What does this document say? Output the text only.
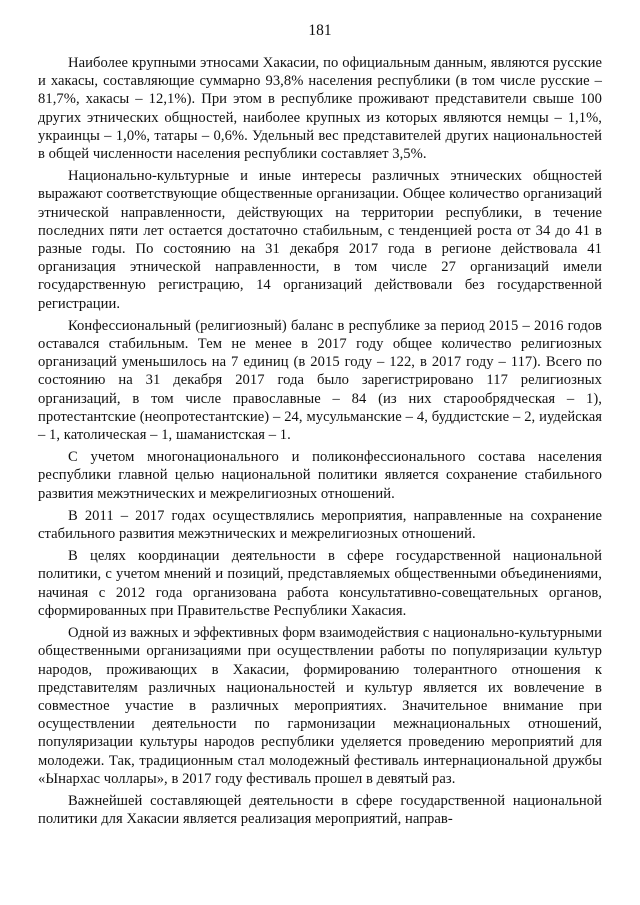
181

Наиболее крупными этносами Хакасии, по официальным данным, являются русские и хакасы, составляющие суммарно 93,8% населения республики (в том числе русские – 81,7%, хакасы – 12,1%). При этом в республике проживают представители свыше 100 других этнических общностей, наиболее крупных из которых являются немцы – 1,1%, украинцы – 1,0%, татары – 0,6%. Удельный вес представителей других национальностей в общей численности населения республики составляет 3,5%.

Национально-культурные и иные интересы различных этнических общностей выражают соответствующие общественные организации. Общее количество организаций этнической направленности, действующих на территории республики, в течение последних пяти лет остается достаточно стабильным, с тенденцией роста от 34 до 41 в разные годы. По состоянию на 31 декабря 2017 года в регионе действовала 41 организация этнической направленности, в том числе 27 организаций имели государственную регистрацию, 14 организаций действовали без государственной регистрации.

Конфессиональный (религиозный) баланс в республике за период 2015 – 2016 годов оставался стабильным. Тем не менее в 2017 году общее количество религиозных организаций уменьшилось на 7 единиц (в 2015 году – 122, в 2017 году – 117). Всего по состоянию на 31 декабря 2017 года было зарегистрировано 117 религиозных организаций, в том числе православные – 84 (из них старообрядческая – 1), протестантские (неопротестантские) – 24, мусульманские – 4, буддистские – 2, иудейская – 1, католическая – 1, шаманистская – 1.

С учетом многонационального и поликонфессионального состава населения республики главной целью национальной политики является сохранение стабильного развития межэтнических и межрелигиозных отношений.

В 2011 – 2017 годах осуществлялись мероприятия, направленные на сохранение стабильного развития межэтнических и межрелигиозных отношений.

В целях координации деятельности в сфере государственной национальной политики, с учетом мнений и позиций, представляемых общественными объединениями, начиная с 2012 года организована работа консультативно-совещательных органов, сформированных при Правительстве Республики Хакасия.

Одной из важных и эффективных форм взаимодействия с национально-культурными общественными организациями при осуществлении работы по популяризации культур народов, проживающих в Хакасии, формированию толерантного отношения к представителям различных национальностей и культур является их вовлечение в совместное участие в различных мероприятиях. Значительное внимание при осуществлении деятельности по гармонизации межнациональных отношений, популяризации культуры народов республики уделяется проведению мероприятий для молодежи. Так, традиционным стал молодежный фестиваль интернациональной дружбы «Ынархас чоллары», в 2017 году фестиваль прошел в девятый раз.

Важнейшей составляющей деятельности в сфере государственной национальной политики для Хакасии является реализация мероприятий, направ-
